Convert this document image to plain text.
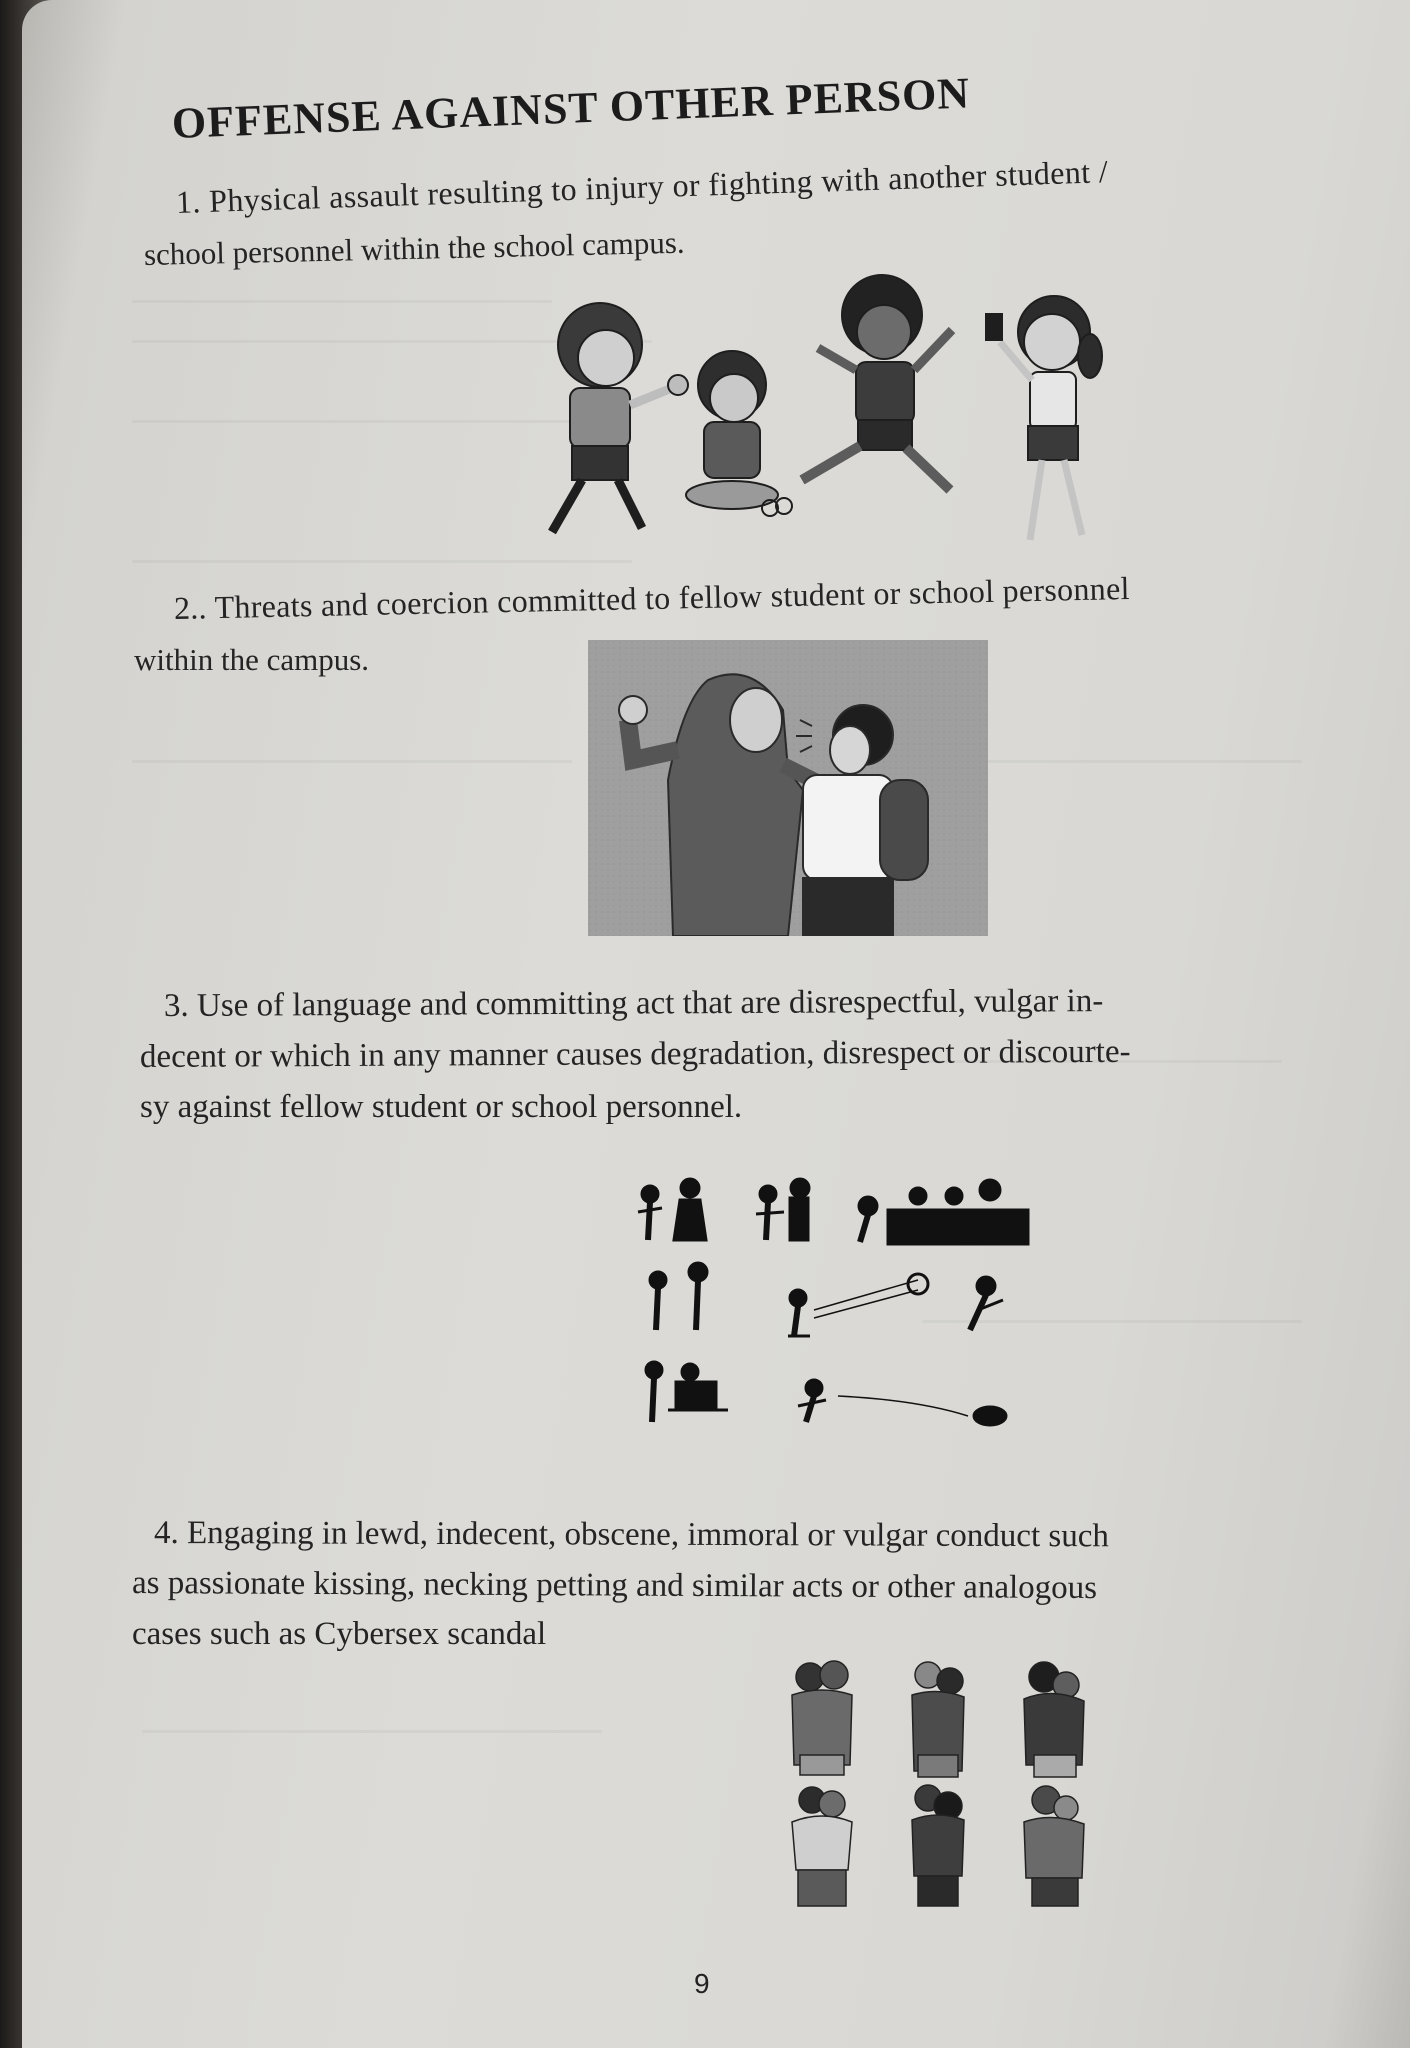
OFFENSE AGAINST OTHER PERSON
1. Physical assault resulting to injury or fighting with another student /
school personnel within the school campus.
2.. Threats and coercion committed to fellow student or school personnel
within the campus.
3. Use of language and committing act that are disrespectful, vulgar in-
decent or which in any manner causes degradation, disrespect or discourte-
sy against fellow student or school personnel.
4. Engaging in lewd, indecent, obscene, immoral or vulgar conduct such
as passionate kissing, necking petting and similar acts or other analogous
cases such as Cybersex scandal
9
